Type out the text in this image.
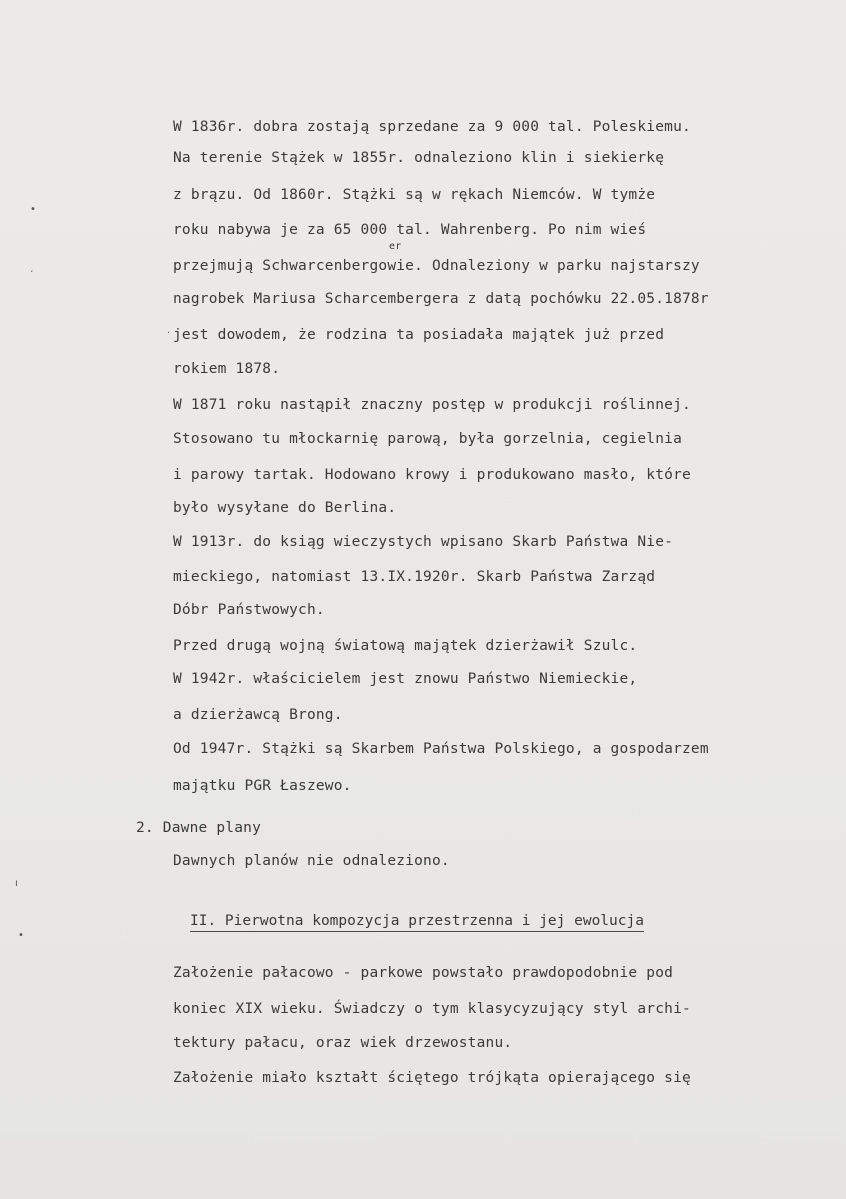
W 1836r. dobra zostają sprzedane za 9 000 tal. Poleskiemu.
Na terenie Stążek w 1855r. odnaleziono klin i siekierkę
z brązu. Od 1860r. Stążki są w rękach Niemców. W tymże
roku nabywa je za 65 000 tal. Wahrenberg. Po nim wieś
er
przejmują Schwarcenbergowie. Odnaleziony w parku najstarszy
nagrobek Mariusa Scharcembergera z datą pochówku 22.05.1878r
jest dowodem, że rodzina ta posiadała majątek już przed
rokiem 1878.
W 1871 roku nastąpił znaczny postęp w produkcji roślinnej.
Stosowano tu młockarnię parową, była gorzelnia, cegielnia
i parowy tartak. Hodowano krowy i produkowano masło, które
było wysyłane do Berlina.
W 1913r. do ksiąg wieczystych wpisano Skarb Państwa Nie-
mieckiego, natomiast 13.IX.1920r. Skarb Państwa Zarząd
Dóbr Państwowych.
Przed drugą wojną światową majątek dzierżawił Szulc.
W 1942r. właścicielem jest znowu Państwo Niemieckie,
a dzierżawcą Brong.
Od 1947r. Stążki są Skarbem Państwa Polskiego, a gospodarzem
majątku PGR Łaszewo.
2. Dawne plany
Dawnych planów nie odnaleziono.
II. Pierwotna kompozycja przestrzenna i jej ewolucja
Założenie pałacowo - parkowe powstało prawdopodobnie pod
koniec XIX wieku. Świadczy o tym klasycyzujący styl archi-
tektury pałacu, oraz wiek drzewostanu.
Założenie miało kształt ściętego trójkąta opierającego się
•
˯
·
ı
•
